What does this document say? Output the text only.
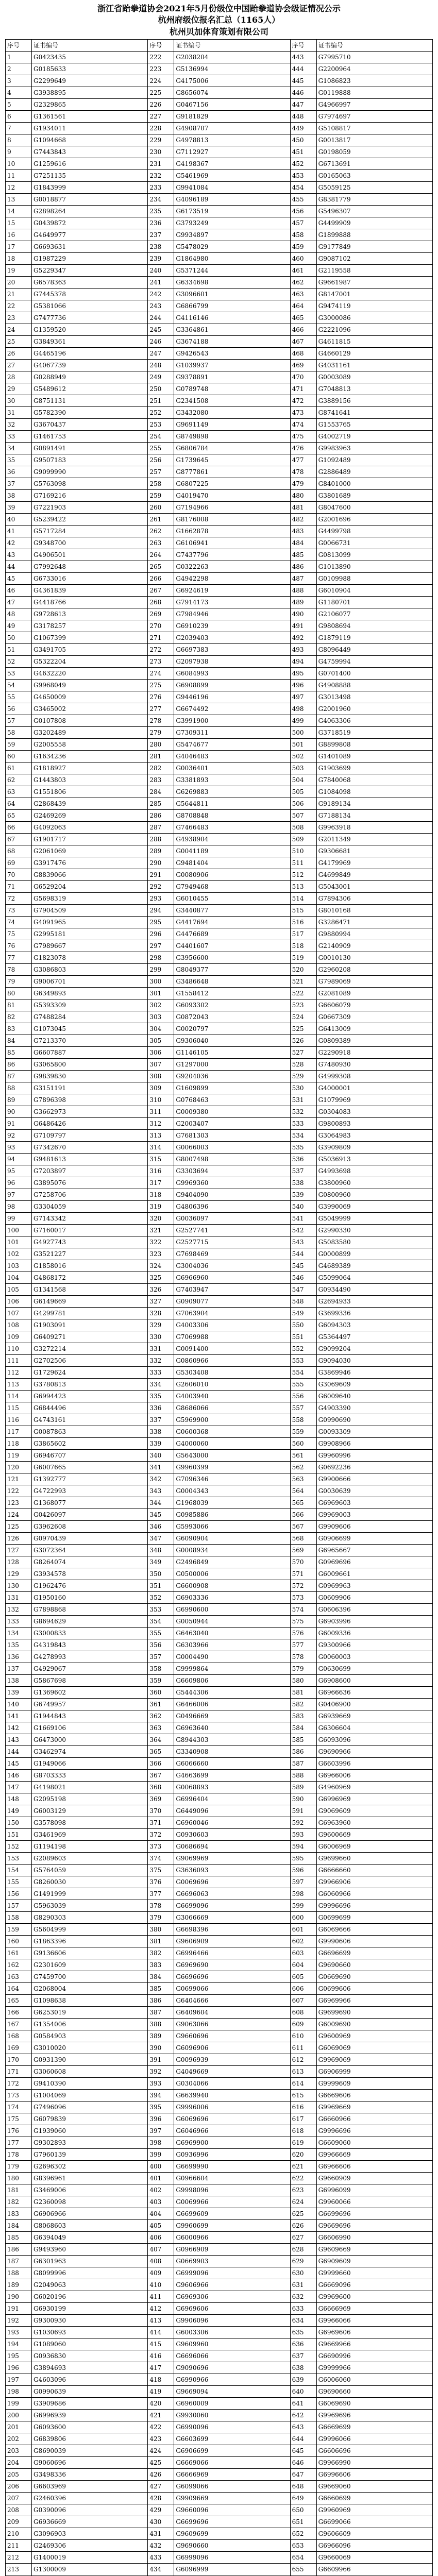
浙江省跆拳道协会2021年5月份级位中国跆拳道协会级证情况公示
杭州府级位报名汇总（1165人）
杭州贝加体育策划有限公司
序号	证书编号	序号	证书编号	序号	证书编号
1	G0423435	222	G2038204	443	G7995710
2	G0185633	223	G5136994	444	G2200964
3	G2299649	224	G4175006	445	G1086823
4	G3938895	225	G8656074	446	G0119888
5	G2329865	226	G0467156	447	G4966997
6	G1361561	227	G9181829	448	G7974697
7	G1934011	228	G4908707	449	G5108817
8	G1094668	229	G4978813	450	G0013817
9	G7443843	230	G7112927	451	G0198059
10	G1259616	231	G4198367	452	G6713691
11	G7251135	232	G5461969	453	G0165063
12	G1843999	233	G9941084	454	G5059125
13	G0018877	234	G4096189	455	G8381779
14	G2898264	235	G6173519	456	G5496307
15	G0439872	236	G3793249	457	G4499909
16	G4649977	237	G9934897	458	G1899888
17	G6693631	238	G5478029	459	G9177849
18	G1987229	239	G1864980	460	G9087102
19	G5229347	240	G5371244	461	G2119558
20	G6578363	241	G6334698	462	G9661987
21	G7445378	242	G3096601	463	G8147001
22	G5381066	243	G6866799	464	G9474119
23	G7477736	244	G4116146	465	G3000086
24	G1359520	245	G3364861	466	G2221096
25	G3849361	246	G3674188	467	G4611815
26	G4465196	247	G9426543	468	G4660129
27	G4067739	248	G1039937	469	G4031161
28	G0288949	249	G9378891	470	G0003089
29	G5489612	250	G0789748	471	G7048813
30	G8751131	251	G2341508	472	G3889156
31	G5782390	252	G3432080	473	G8741641
32	G3670437	253	G9691149	474	G1553765
33	G1461753	254	G8749898	475	G4002719
34	G0891491	255	G6806784	476	G9983963
35	G9507183	256	G1739645	477	G1092489
36	G9099990	257	G8777861	478	G2886489
37	G5763098	258	G6807225	479	G8401000
38	G7169216	259	G4019470	480	G3801689
39	G7221903	260	G7194966	481	G8047600
40	G5239422	261	G8176008	482	G2001696
41	G5717284	262	G1662878	483	G4499798
42	G9348700	263	G6106941	484	G0066731
43	G4906501	264	G7437796	485	G0813099
44	G7992648	265	G0322263	486	G1013890
45	G6733016	266	G4942298	487	G0109988
46	G4361839	267	G6924619	488	G6010904
47	G4418766	268	G7914173	489	G1180701
48	G9728613	269	G7984946	490	G2106077
49	G3178257	270	G6910239	491	G9808694
50	G1067399	271	G2039403	492	G1879119
51	G3491705	272	G6697383	493	G8096449
52	G5322204	273	G2097938	494	G4759994
53	G4632220	274	G6084993	495	G0701400
54	G9968049	275	G6908899	496	G4908888
55	G4650009	276	G9446196	497	G3013498
56	G3465002	277	G6674492	498	G2001960
57	G0107808	278	G3991900	499	G4063306
58	G3202489	279	G7309311	500	G3718519
59	G2005558	280	G5474677	501	G8899808
60	G1634236	281	G4046483	502	G1401089
61	G1818927	282	G0036401	503	G1903699
62	G1443803	283	G3381893	504	G7840068
63	G1551806	284	G6269883	505	G1084098
64	G2868439	285	G5644811	506	G9189134
65	G2469269	286	G8708848	507	G7188134
66	G4092063	287	G7466483	508	G9963918
67	G1901717	288	G4938904	509	G2011349
68	G2061069	289	G0041189	510	G9306681
69	G3917476	290	G9481404	511	G4179969
70	G8839066	291	G0080906	512	G4699849
71	G6529204	292	G7949468	513	G5043001
72	G5698319	293	G6010455	514	G7894306
73	G7904509	294	G3440877	515	G8010168
74	G4091965	295	G4417694	516	G3286471
75	G2995181	296	G4476689	517	G9880994
76	G7989667	297	G4401607	518	G2140909
77	G1823078	298	G3956600	519	G0010130
78	G3086803	299	G8049377	520	G2960208
79	G9006701	300	G3486648	521	G7989069
80	G6349893	301	G1558412	522	G2081089
81	G5393309	302	G6093302	523	G6606079
82	G7488284	303	G0872043	524	G0667309
83	G1073045	304	G0020797	525	G6413009
84	G7213370	305	G9306040	526	G0809389
85	G6607887	306	G1146105	527	G2290918
86	G3065800	307	G1297000	528	G7480930
87	G9839830	308	G9204036	529	G4999308
88	G3151191	309	G1609899	530	G4000001
89	G7896398	310	G0768463	531	G1079969
90	G3662973	311	G0009380	532	G0304083
91	G6486426	312	G2003407	533	G9800893
92	G7109797	313	G7681303	534	G3064983
93	G7342670	314	G0066003	535	G3909809
94	G9481613	315	G8007498	536	G5036913
95	G7203897	316	G3303694	537	G4993698
96	G3895076	317	G9969360	538	G3800960
97	G7258706	318	G9404090	539	G0800960
98	G3304059	319	G4806396	540	G3990069
99	G7143342	320	G0036097	541	G5049999
100	G7160017	321	G2527741	542	G2990330
101	G4927743	322	G2527715	543	G5083580
102	G3521227	323	G7698469	544	G0000899
103	G1858016	324	G3004036	545	G4689389
104	G4868172	325	G6966960	546	G5099064
105	G1341568	326	G7403947	547	G0934490
106	G6149669	327	G0909077	548	G2694933
107	G4299781	328	G7063904	549	G3699336
108	G1903091	329	G4003306	550	G6094303
109	G6409271	330	G7069988	551	G5364497
110	G3272214	331	G0091400	552	G9099204
111	G2702506	332	G0860966	553	G9094030
112	G1729624	333	G5303408	554	G3869946
113	G3780813	334	G2606010	555	G3069609
114	G6994423	335	G4003940	556	G6009640
115	G6844496	336	G8686066	557	G4903390
116	G4743161	337	G5969900	558	G0990690
117	G0087863	338	G0600368	559	G0093309
118	G3865602	339	G4000060	560	G9908966
119	G6946707	340	G5643000	561	G9960996
120	G6007665	341	G9960399	562	G0692236
121	G1392777	342	G7096346	563	G9900666
122	G4722993	343	G0004343	564	G0030639
123	G1368077	344	G1968039	565	G6969603
124	G0426097	345	G0985886	566	G9969003
125	G3962608	346	G5993066	567	G9909606
126	G0970439	347	G6090904	568	G0906699
127	G3072364	348	G0008934	569	G6965667
128	G8264074	349	G2496849	570	G0969696
129	G3934578	350	G0500006	571	G6009661
130	G1962476	351	G6600908	572	G0969963
131	G1950160	352	G6903336	573	G0609906
132	G7898868	353	G6990600	574	G0606396
133	G8694629	354	G0050944	575	G6903996
134	G3000833	355	G6463040	576	G6009336
135	G4319843	356	G6303966	577	G9300966
136	G4278993	357	G0004490	578	G0060003
137	G4929067	358	G9999864	579	G0630699
138	G5867698	359	G6609806	580	G6908600
139	G1369602	360	G5444306	581	G6966636
140	G6749957	361	G6466006	582	G0406900
141	G1944843	362	G0496669	583	G6939669
142	G1669106	363	G6963640	584	G6306604
143	G6473000	364	G8944303	585	G6093096
144	G3462974	365	G3340908	586	G9690966
145	G1949066	366	G6066660	587	G6603996
146	G8703333	367	G4663699	588	G6966006
147	G4198021	368	G0068893	589	G4960969
148	G2095198	369	G6996404	590	G6996969
149	G6003129	370	G6449096	591	G9069609
150	G3578098	371	G6960046	592	G6963960
151	G3461969	372	G0930603	593	G9600669
152	G1194198	373	G0686694	594	G6006969
153	G2089603	374	G9069969	595	G9699660
154	G5764059	375	G3636093	596	G6666660
155	G8260030	376	G0069696	597	G9966906
156	G1491999	377	G6696063	598	G6060966
157	G5963039	378	G6699096	599	G9996696
158	G8290303	379	G3066669	600	G0699699
159	G5604999	380	G6698396	601	G6069666
160	G1863396	381	G9606909	602	G9990606
161	G9136606	382	G6996466	603	G6696699
162	G2301609	383	G6969690	604	G9690660
163	G7459700	384	G6696696	605	G0669690
164	G2068004	385	G0699066	606	G0699606
165	G1098638	386	G6404666	607	G6969966
166	G6253019	387	G6409604	608	G9699690
167	G1354006	388	G9063066	609	G6009690
168	G0584903	389	G9660696	610	G9600969
169	G3010020	390	G6096906	611	G6069069
170	G0931390	391	G0096939	612	G9969069
171	G3060608	392	G4049669	613	G6906999
172	G9410390	393	G0304066	614	G9999609
173	G1004069	394	G6639940	615	G6669606
174	G7496096	395	G9996006	616	G9969669
175	G6079839	396	G6069696	617	G6660966
176	G1939060	397	G6046966	618	G9996696
177	G9302893	398	G6969900	619	G6609060
178	G7960139	399	G0936996	620	G9966669
179	G2696302	400	G6699990	621	G6966606
180	G8396961	401	G0966604	622	G9660909
181	G3469006	402	G9998096	623	G6996099
182	G2360098	403	G0069966	624	G9960066
183	G6906966	404	G6699609	625	G6699696
184	G8068603	405	G9960699	626	G9669696
185	G6394049	406	G6000966	627	G6606990
186	G9493960	407	G0966909	628	G9609669
187	G6301963	408	G0669903	629	G6909609
188	G8099996	409	G6999096	630	G9999660
189	G2049063	410	G9606966	631	G6669096
190	G6020196	411	G6969306	632	G9969600
191	G6930199	412	G6969606	633	G6666969
192	G9300930	413	G9906096	634	G9966066
193	G1030693	414	G6003306	635	G6969606
194	G1089060	415	G9609960	636	G9669966
195	G0936830	416	G6696066	637	G6690996
196	G3894693	417	G9090696	638	G9999966
197	G4603096	418	G6990966	639	G6006060
198	G0990639	419	G9669094	640	G9690660
199	G3909686	420	G6960009	641	G6069690
200	G6996939	421	G9930060	642	G9969696
201	G6093600	422	G6990096	643	G6669699
202	G6839806	423	G6603699	644	G9996066
203	G8690039	424	G6906699	645	G6606696
204	G9060696	425	G6669066	646	G9966990
205	G3498336	426	G6666969	647	G6996606
206	G6603969	427	G6099066	648	G9669060
207	G2460396	428	G9909669	649	G6660699
208	G0390096	429	G9660096	650	G9960969
209	G6936669	430	G6699696	651	G6699066
210	G3096903	431	G9609699	652	G9606609
211	G2469306	432	G9690660	653	G6966096
212	G1400019	433	G6999096	654	G9660069
213	G1300009	434	G6096999	655	G6609966
